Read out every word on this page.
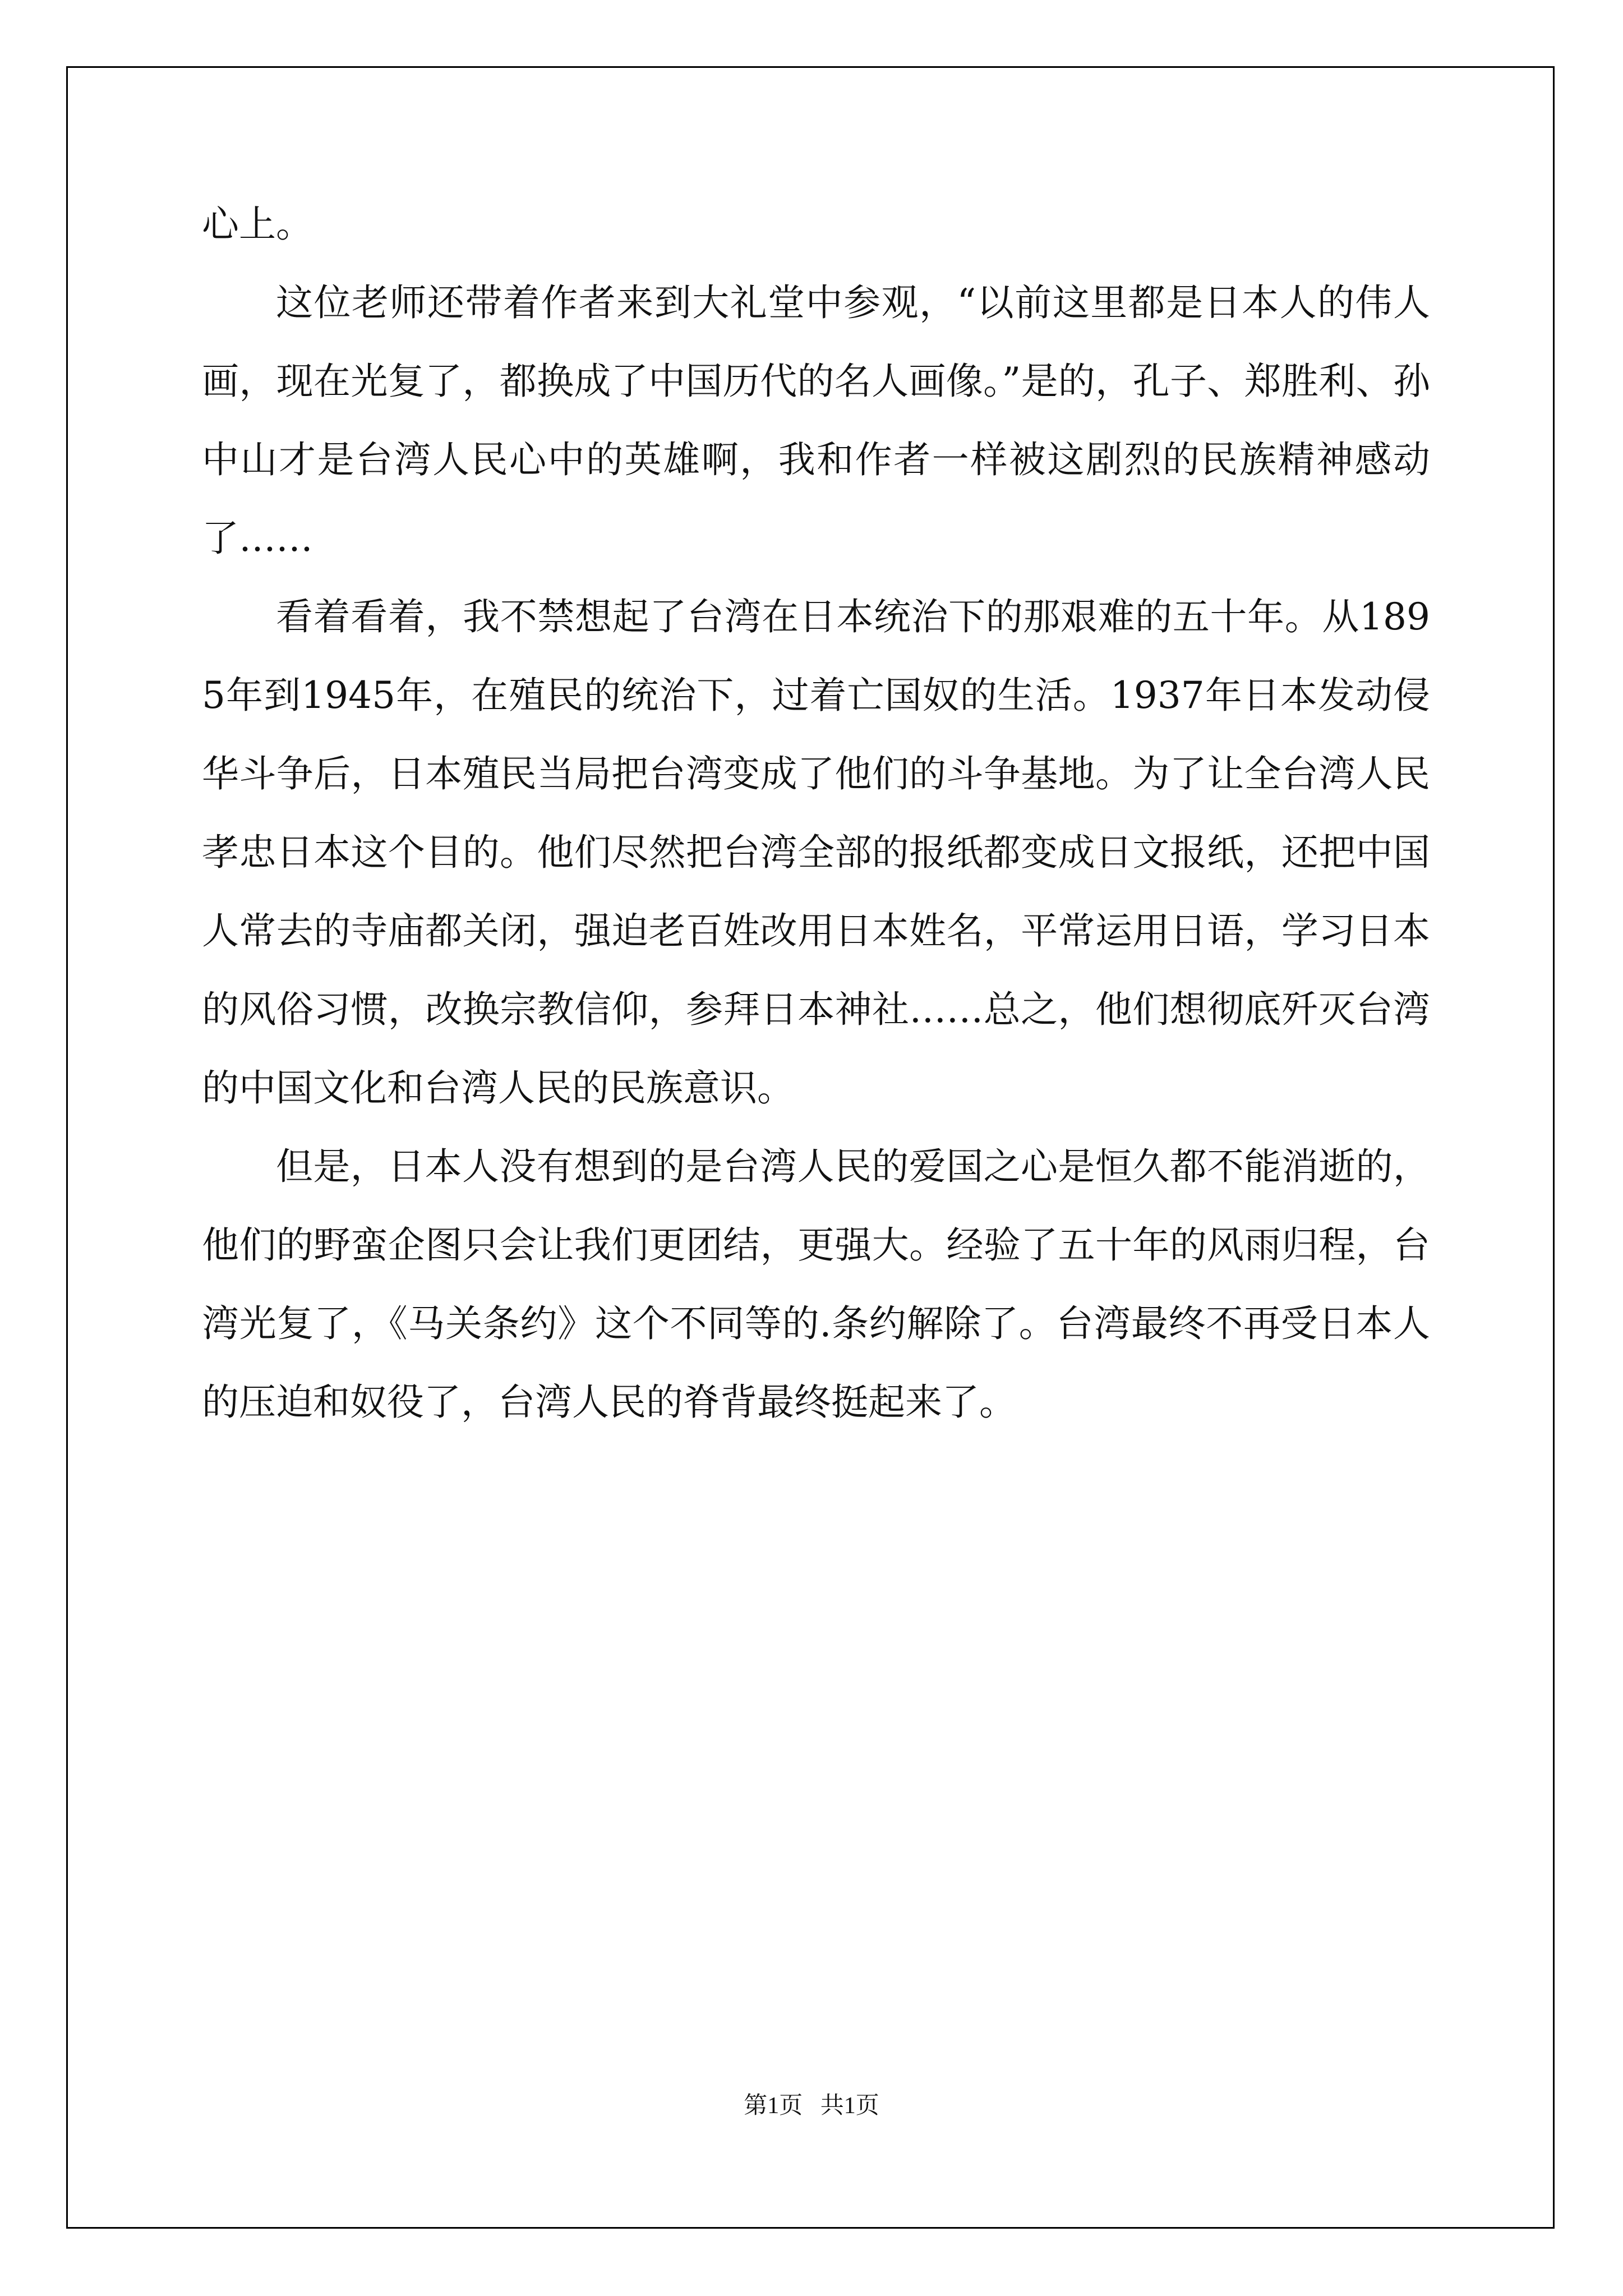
心上。

这位老师还带着作者来到大礼堂中参观，“以前这里都是日本人的伟人画，现在光复了，都换成了中国历代的名人画像。”是的，孔子、郑胜利、孙中山才是台湾人民心中的英雄啊，我和作者一样被这剧烈的民族精神感动了……

看着看着，我不禁想起了台湾在日本统治下的那艰难的五十年。从1895年到1945年，在殖民的统治下，过着亡国奴的生活。1937年日本发动侵华斗争后，日本殖民当局把台湾变成了他们的斗争基地。为了让全台湾人民孝忠日本这个目的。他们尽然把台湾全部的报纸都变成日文报纸，还把中国人常去的寺庙都关闭，强迫老百姓改用日本姓名，平常运用日语，学习日本的风俗习惯，改换宗教信仰，参拜日本神社……总之，他们想彻底歼灭台湾的中国文化和台湾人民的民族意识。

但是，日本人没有想到的是台湾人民的爱国之心是恒久都不能消逝的，他们的野蛮企图只会让我们更团结，更强大。经验了五十年的风雨归程，台湾光复了，《马关条约》这个不同等的.条约解除了。台湾最终不再受日本人的压迫和奴役了，台湾人民的脊背最终挺起来了。

第1页   共1页
